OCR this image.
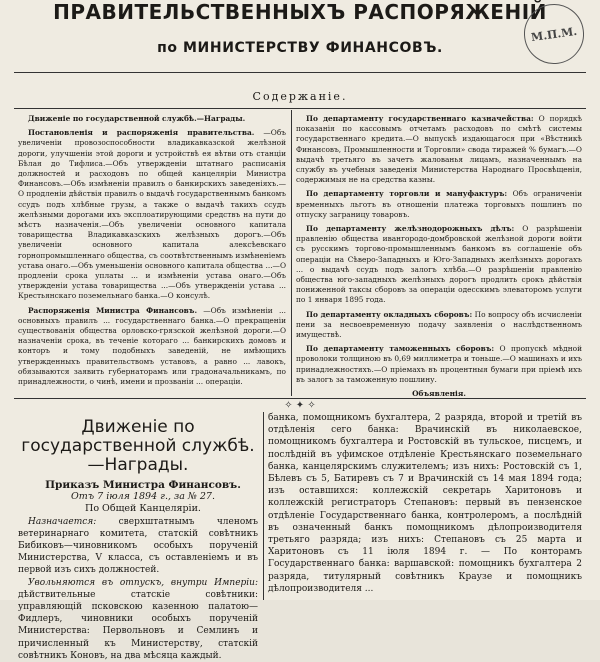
ПРАВИТЕЛЬСТВЕННЫХЪ РАСПОРЯЖЕНІЙ
по МИНИСТЕРСТВУ ФИНАНСОВЪ.
М.П.М.
Содержаніе.

Движеніе по государственной службѣ.—Награды.

Постановленія и распоряженія правительства. —Объ увеличеніи провозоспособности владикавказской желѣзной дороги, улучшеніи этой дороги и устройствѣ ея вѣтви отъ станціи Бѣлая до Тифлиса.—Объ утвержденіи штатнаго расписанія должностей и расходовъ по общей канцеляріи Министра Финансовъ.—Объ измѣненіи правилъ о банкирскихъ заведеніяхъ.—О продленіи дѣйствія правилъ о выдачѣ государственнымъ банкомъ ссудъ подъ хлѣбные грузы, а также о выдачѣ такихъ ссудъ желѣзными дорогами ихъ эксплоатирующими средствъ на пути до мѣстъ назначенія.—Объ увеличеніи основного капитала товарищества Владикавказскихъ желѣзныхъ дорогъ.—Объ увеличеніи основного капитала алексѣевскаго горнопромышленнаго общества, съ соотвѣтственнымъ измѣненіемъ устава онаго.—Объ уменьшеніи основного капитала общества ...—О продленіи срока уплаты ... и измѣненіи устава онаго.—Объ утвержденіи устава товарищества ...—Объ утвержденіи устава ... Крестьянскаго поземельнаго банка.—О консулѣ.

Распоряженія Министра Финансовъ. —Объ измѣненіи ... основныхъ правилъ ... государственнаго банка.—О прекращеніи существованія общества орловско-грязской желѣзной дороги.—О назначеніи срока, въ теченіе котораго ... банкирскихъ домовъ и конторъ и тому подобныхъ заведеній, не имѣющихъ утвержденныхъ правительствомъ уставовъ, а равно ... лавокъ, обязываются заявить губернаторамъ или градоначальникамъ, по принадлежности, о чинѣ, имени и прозваніи ... операціи.

По департаменту государственнаго казначейства: О порядкѣ показанія по кассовымъ отчетамъ расходовъ по смѣтѣ системы государственнаго кредита.—О выпускѣ издающагося при «Вѣстникѣ Финансовъ, Промышленности и Торговли» свода тиражей % бумагъ.—О выдачѣ третьяго въ зачетъ жалованья лицамъ, назначеннымъ на службу въ учебныя заведенія Министерства Народнаго Просвѣщенія, содержимыя не на средства казны.

По департаменту торговли и мануфактуръ: Объ ограниченіи временныхъ льготъ въ отношеніи платежа торговыхъ пошлинъ по отпуску заграницу товаровъ.

По департаменту желѣзнодорожныхъ дѣлъ: О разрѣшеніи правленію общества ивангородо-домбровской желѣзной дороги войти съ русскимъ торгово-промышленнымъ банкомъ въ соглашеніе объ операціи на Сѣверо-Западныхъ и Юго-Западныхъ желѣзныхъ дорогахъ ... о выдачѣ ссудъ подъ залогъ хлѣба.—О разрѣшеніи правленію общества юго-западныхъ желѣзныхъ дорогъ продлить срокъ дѣйствія пониженной таксы сборовъ за операціи одесскимъ элеваторомъ услуги по 1 января 1895 года.

По департаменту окладныхъ сборовъ: По вопросу объ исчисленіи пени за несвоевременную подачу заявленія о наслѣдственномъ имуществѣ.

По департаменту таможенныхъ сборовъ: О пропускѣ мѣдной проволоки толщиною въ 0,69 миллиметра и тоньше.—О машинахъ и ихъ принадлежностяхъ.—О пріемахъ въ процентныя бумаги при пріемѣ ихъ въ залогъ за таможенную пошлину.

Объявленія.

✧ ✦ ✧
Движеніе по государственной службѣ.—Награды.

Приказъ Министра Финансовъ.

Отъ 7 іюля 1894 г., за № 27.

По Общей Канцеляріи.

Назначается: сверхштатнымъ членомъ ветеринарнаго комитета, статскій совѣтникъ Бибиковъ—чиновникомъ особыхъ порученій Министерства, V класса, съ оставленіемъ и въ первой изъ сихъ должностей.

Увольняются въ отпускъ, внутри Имперіи: дѣйствительные статскіе совѣтники: управляющій псковскою казенною палатою—Фидлеръ, чиновники особыхъ порученій Министерства: Первольновъ и Семлинъ и причисленный къ Министерству, статскій совѣтникъ Коновъ, на два мѣсяца каждый.

банка, помощникомъ бухгалтера, 2 разряда, второй и третій въ отдѣленія сего банка: Врачинскій въ николаевское, помощникомъ бухгалтера и Ростовскій въ тульское, писцемъ, и послѣдній въ уфимское отдѣленіе Крестьянскаго поземельнаго банка, канцелярскимъ служителемъ; изъ нихъ: Ростовскій съ 1, Бѣлевъ съ 5, Батиревъ съ 7 и Врачинскій съ 14 мая 1894 года; изъ оставшихся: коллежскій секретарь Харитоновъ и коллежскій регистраторъ Степановъ: первый въ пензенское отдѣленіе Государственнаго банка, контролеромъ, а послѣдній въ означенный банкъ помощникомъ дѣлопроизводителя третьяго разряда; изъ нихъ: Степановъ съ 25 марта и Харитоновъ съ 11 іюля 1894 г. — По конторамъ Государственнаго банка: варшавской: помощникъ бухгалтера 2 разряда, титулярный совѣтникъ Краузе и помощникъ дѣлопроизводителя ...
